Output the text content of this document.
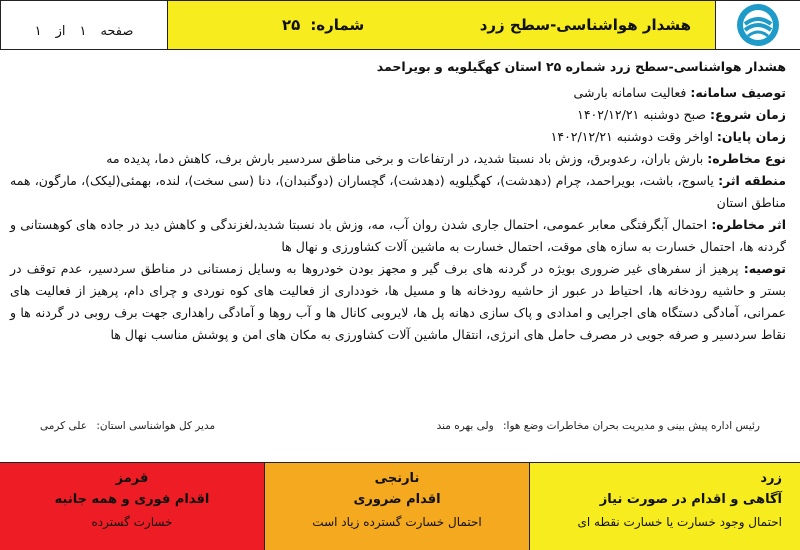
صفحه
۱
از
۱	هشدار هواشناسی-سطح زرد
شماره:
۲۵
هشدار هواشناسی-سطح زرد شماره ۲۵ استان کهگیلویه و بویراحمد
توصیف سامانه: فعالیت سامانه بارشی
زمان شروع: صبح دوشنبه ۱۴۰۲/۱۲/۲۱
زمان پایان: اواخر وقت دوشنبه ۱۴۰۲/۱۲/۲۱
نوع مخاطره: بارش باران، رعدوبرق، وزش باد نسبتا شدید، در ارتفاعات و برخی مناطق سردسیر بارش برف، کاهش دما، پدیده مه
منطقه اثر: یاسوج، باشت، بویراحمد، چرام (دهدشت)، کهگیلویه (دهدشت)، گچساران (دوگنبدان)، دنا (سی سخت)، لنده، بهمئی(لیکک)، مارگون، همه مناطق استان
اثر مخاطره: احتمال آبگرفتگی معابر عمومی، احتمال جاری شدن روان آب، مه، وزش باد نسبتا شدید،لغزندگی و کاهش دید در جاده های کوهستانی و گردنه ها، احتمال خسارت به سازه های موقت، احتمال خسارت به ماشین آلات کشاورزی و نهال ها
توصیه: پرهیز از سفرهای غیر ضروری بویژه در گردنه های برف گیر و مجهز بودن خودروها به وسایل زمستانی در مناطق سردسیر، عدم توقف در بستر و حاشیه رودخانه ها، احتیاط در عبور از حاشیه رودخانه ها و مسیل ها، خودداری از فعالیت های کوه نوردی و چرای دام، پرهیز از فعالیت های عمرانی، آمادگی دستگاه های اجرایی و امدادی و پاک سازی دهانه پل ها، لایروبی کانال ها و آب روها و آمادگی راهداری جهت برف روبی در گردنه ها و نقاط سردسیر و صرفه جویی در مصرف حامل های انرژی، انتقال ماشین آلات کشاورزی به مکان های امن و پوشش مناسب نهال ها
رئیس اداره پیش بینی و مدیریت بحران مخاطرات وضع هوا: ولی بهره مند
مدیر کل هواشناسی استان: علی کرمی
زرد
آگاهی و اقدام در صورت نیاز
احتمال وجود خسارت یا خسارت نقطه ای
نارنجی
اقدام ضروری
احتمال خسارت گسترده زیاد است
قرمز
اقدام فوری و همه جانبه
خسارت گسترده
